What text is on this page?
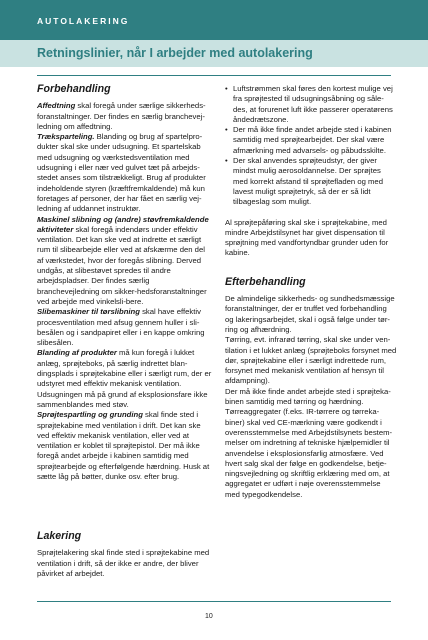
AUTOLAKERING
Retningslinier, når I arbejder med autolakering
Forbehandling

Affedtning skal foregå under særlige sikkerheds-foranstaltninger. Der findes en særlig branchevej-ledning om affedtning.

Træksparteling. Blanding og brug af spartelpro-dukter skal ske under udsugning. Et spartelskab med udsugning og værkstedsventilation med udsugning i eller nær ved gulvet tæt på arbejds-stedet anses som tilstrækkeligt. Brug af produkter indeholdende styren (kræftfremkaldende) må kun foretages af personer, der har fået en særlig vej-ledning af uddannet instruktør.

Maskinel slibning og (andre) støvfremkaldende aktiviteter skal foregå indendørs under effektiv ventilation. Det kan ske ved at indrette et særligt rum til slibearbejde eller ved at afskærme den del af værkstedet, hvor der foregås slibning. Derved undgås, at slibestøvet spredes til andre arbejdspladser. Der findes særlig branchevejledning om sikker-hedsforanstaltninger ved arbejde med vinkelsli-bere.

Slibemaskiner til tørslibning skal have effektiv procesventilation med afsug gennem huller i sli-besålen og i sandpapiret eller i en kappe omkring slibesålen.

Blanding af produkter må kun foregå i lukket anlæg, sprøjteboks, på særlig indrettet blan-dingsplads i sprøjtekabine eller i særligt rum, der er udstyret med effektiv mekanisk ventilation. Udsugningen må på grund af eksplosionsfare ikke sammenblandes med støv.

Sprøjtespartling og grunding skal finde sted i sprøjtekabine med ventilation i drift. Det kan ske ved effektiv mekanisk ventilation, eller ved at ventilation er koblet til sprøjtepistol. Der må ikke foregå andet arbejde i kabinen samtidig med sprøjtearbejde og efterfølgende hærdning. Husk at sætte låg på bøtter, dunke osv. efter brug.

Lakering

Sprøjtelakering skal finde sted i sprøjtekabine med ventilation i drift, så der ikke er andre, der bliver påvirket af arbejdet.

• Luftstrømmen skal føres den kortest mulige vej fra sprøjtested til udsugningsåbning og såle-des, at forurenet luft ikke passerer operatørens åndedrætszone.
• Der må ikke finde andet arbejde sted i kabinen samtidig med sprøjtearbejdet. Der skal være afmærkning med advarsels- og påbudsskilte.
• Der skal anvendes sprøjteudstyr, der giver mindst mulig aerosoldannelse. Der sprøjtes med korrekt afstand til sprøjtefladen og med lavest muligt sprøjtetryk, så der er så lidt tilbageslag som muligt.

Al sprøjtepåføring skal ske i sprøjtekabine, med mindre Arbejdstilsynet har givet dispensation til sprøjtning med vandfortyndbar grunder uden for kabine.

Efterbehandling

De almindelige sikkerheds- og sundhedsmæssige foranstaltninger, der er truffet ved forbehandling og lakeringsarbejdet, skal i også følge under tør-ring og afhærdning.

Tørring, evt. infrarød tørring, skal ske under ven-tilation i et lukket anlæg (sprøjteboks forsynet med dør, sprøjtekabine eller i særligt indrettede rum, forsynet med mekanisk ventilation af hensyn til afdampning).

Der må ikke finde andet arbejde sted i sprøjteka-binen samtidig med tørring og hærdning.

Tørreaggregater (f.eks. IR-tørrere og tørreka-biner) skal ved CE-mærkning være godkendt i overensstemmelse med Arbejdstilsynets bestem-melser om indretning af tekniske hjælpemidler til anvendelse i eksplosionsfarlig atmosfære. Ved hvert salg skal der følge en godkendelse, betje-ningsvejledning og skriftlig erklæring med om, at aggregatet er udført i nøje overensstemmelse med typegodkendelse.

10
